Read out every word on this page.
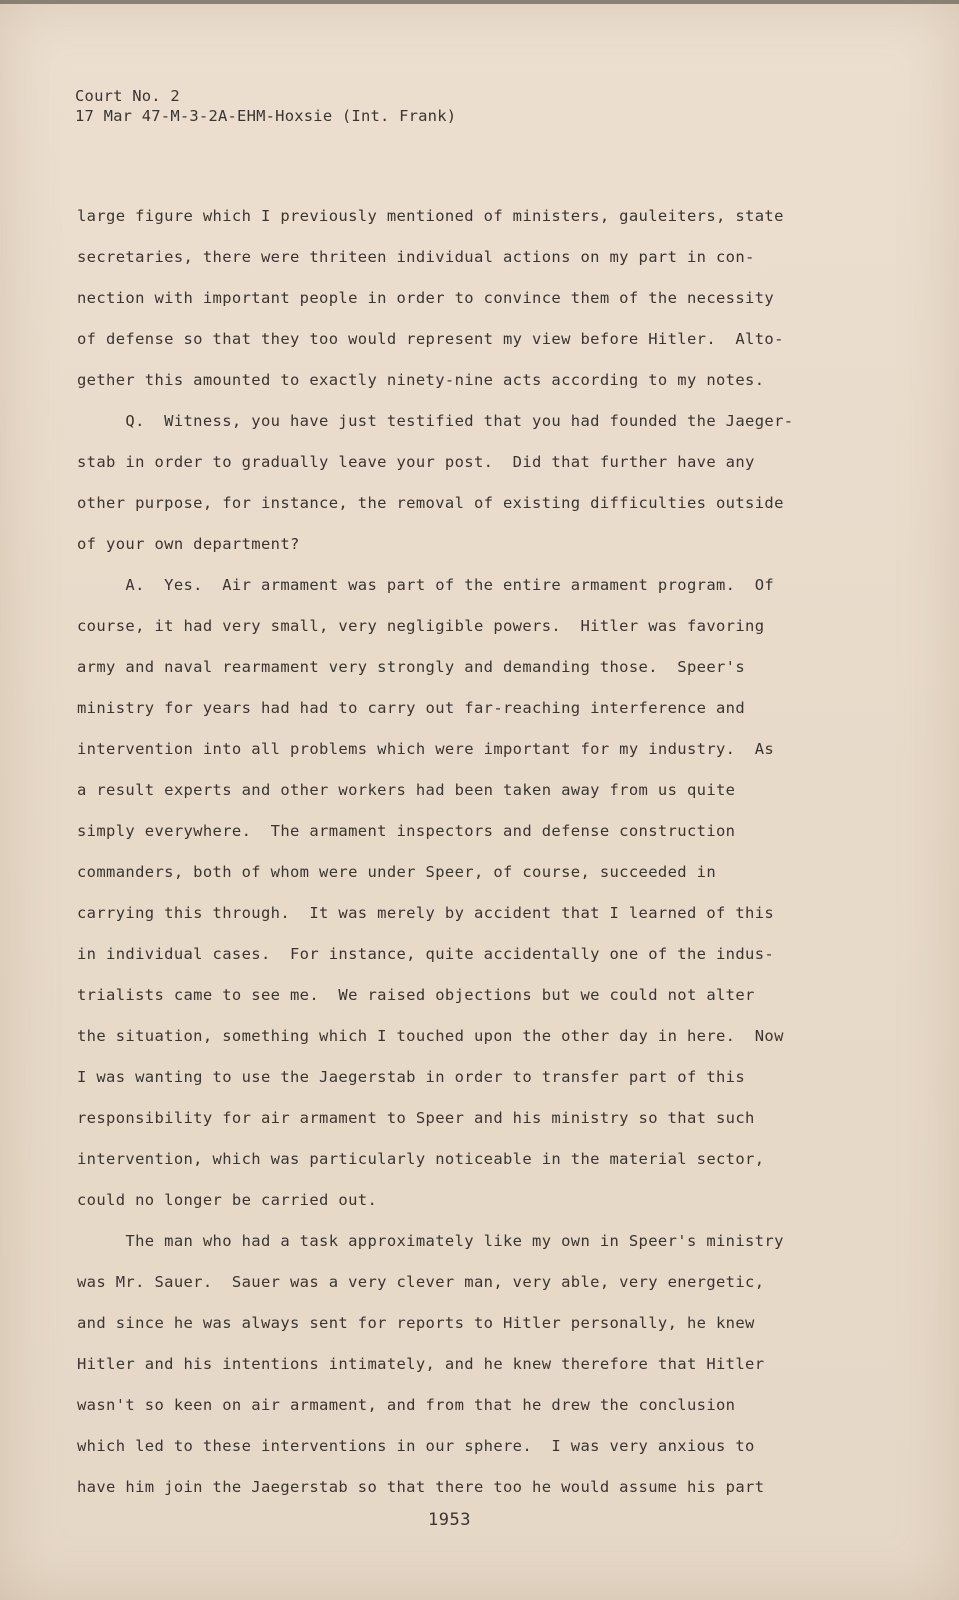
Court No. 2
17 Mar 47-M-3-2A-EHM-Hoxsie (Int. Frank)
large figure which I previously mentioned of ministers, gauleiters, state
secretaries, there were thriteen individual actions on my part in con-
nection with important people in order to convince them of the necessity
of defense so that they too would represent my view before Hitler.  Alto-
gether this amounted to exactly ninety-nine acts according to my notes.
Q.  Witness, you have just testified that you had founded the Jaeger-
stab in order to gradually leave your post.  Did that further have any
other purpose, for instance, the removal of existing difficulties outside
of your own department?
A.  Yes.  Air armament was part of the entire armament program.  Of
course, it had very small, very negligible powers.  Hitler was favoring
army and naval rearmament very strongly and demanding those.  Speer's
ministry for years had had to carry out far-reaching interference and
intervention into all problems which were important for my industry.  As
a result experts and other workers had been taken away from us quite
simply everywhere.  The armament inspectors and defense construction
commanders, both of whom were under Speer, of course, succeeded in
carrying this through.  It was merely by accident that I learned of this
in individual cases.  For instance, quite accidentally one of the indus-
trialists came to see me.  We raised objections but we could not alter
the situation, something which I touched upon the other day in here.  Now
I was wanting to use the Jaegerstab in order to transfer part of this
responsibility for air armament to Speer and his ministry so that such
intervention, which was particularly noticeable in the material sector,
could no longer be carried out.
The man who had a task approximately like my own in Speer's ministry
was Mr. Sauer.  Sauer was a very clever man, very able, very energetic,
and since he was always sent for reports to Hitler personally, he knew
Hitler and his intentions intimately, and he knew therefore that Hitler
wasn't so keen on air armament, and from that he drew the conclusion
which led to these interventions in our sphere.  I was very anxious to
have him join the Jaegerstab so that there too he would assume his part
1953
